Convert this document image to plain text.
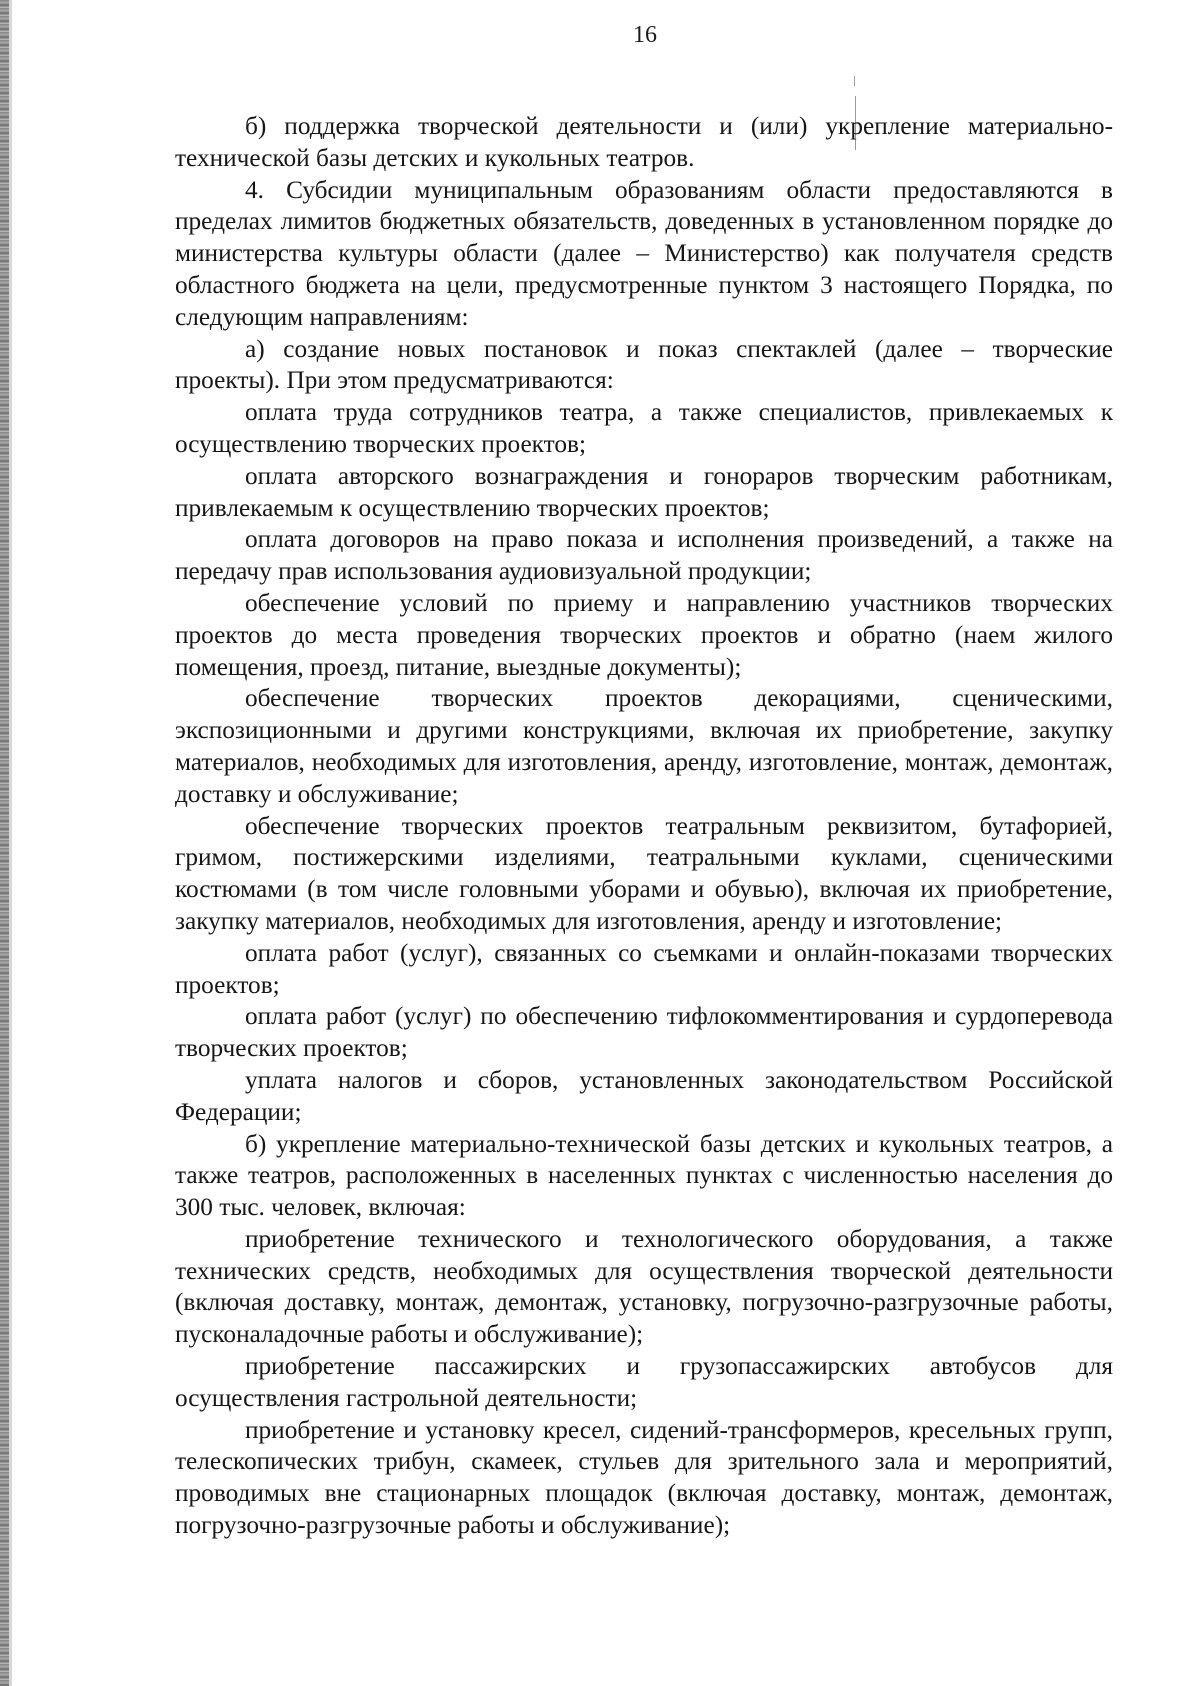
16

б) поддержка творческой деятельности и (или) укрепление материально-технической базы детских и кукольных театров.

4. Субсидии муниципальным образованиям области предоставляются в пределах лимитов бюджетных обязательств, доведенных в установленном порядке до министерства культуры области (далее – Министерство) как получателя средств областного бюджета на цели, предусмотренные пунктом 3 настоящего Порядка, по следующим направлениям:

а) создание новых постановок и показ спектаклей (далее – творческие проекты). При этом предусматриваются:

оплата труда сотрудников театра, а также специалистов, привлекаемых к осуществлению творческих проектов;

оплата авторского вознаграждения и гонораров творческим работникам, привлекаемым к осуществлению творческих проектов;

оплата договоров на право показа и исполнения произведений, а также на передачу прав использования аудиовизуальной продукции;

обеспечение условий по приему и направлению участников творческих проектов до места проведения творческих проектов и обратно (наем жилого помещения, проезд, питание, выездные документы);

обеспечение творческих проектов декорациями, сценическими, экспозиционными и другими конструкциями, включая их приобретение, закупку материалов, необходимых для изготовления, аренду, изготовление, монтаж, демонтаж, доставку и обслуживание;

обеспечение творческих проектов театральным реквизитом, бутафорией, гримом, постижерскими изделиями, театральными куклами, сценическими костюмами (в том числе головными уборами и обувью), включая их приобретение, закупку материалов, необходимых для изготовления, аренду и изготовление;

оплата работ (услуг), связанных со съемками и онлайн-показами творческих проектов;

оплата работ (услуг) по обеспечению тифлокомментирования и сурдоперевода творческих проектов;

уплата налогов и сборов, установленных законодательством Российской Федерации;

б) укрепление материально-технической базы детских и кукольных театров, а также театров, расположенных в населенных пунктах с численностью населения до 300 тыс. человек, включая:

приобретение технического и технологического оборудования, а также технических средств, необходимых для осуществления творческой деятельности (включая доставку, монтаж, демонтаж, установку, погрузочно-разгрузочные работы, пусконаладочные работы и обслуживание);

приобретение пассажирских и грузопассажирских автобусов для осуществления гастрольной деятельности;

приобретение и установку кресел, сидений-трансформеров, кресельных групп, телескопических трибун, скамеек, стульев для зрительного зала и мероприятий, проводимых вне стационарных площадок (включая доставку, монтаж, демонтаж, погрузочно-разгрузочные работы и обслуживание);
